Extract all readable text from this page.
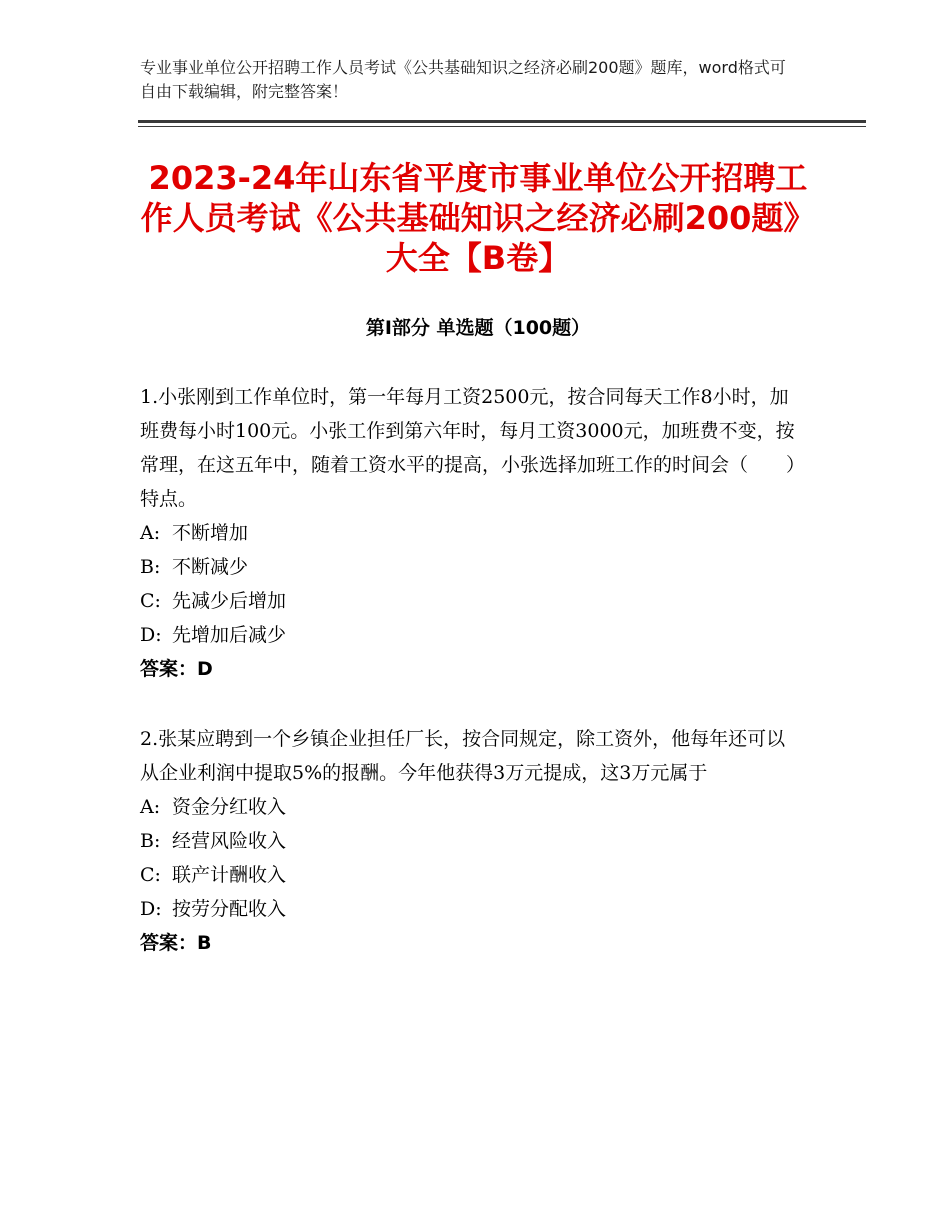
专业事业单位公开招聘工作人员考试《公共基础知识之经济必刷200题》题库，word格式可自由下载编辑，附完整答案！
2023-24年山东省平度市事业单位公开招聘工作人员考试《公共基础知识之经济必刷200题》大全【B卷】
第Ⅰ部分 单选题（100题）

1.小张刚到工作单位时，第一年每月工资2500元，按合同每天工作8小时，加班费每小时100元。小张工作到第六年时，每月工资3000元，加班费不变，按常理，在这五年中，随着工资水平的提高，小张选择加班工作的时间会（　　）特点。

A: 不断增加

B: 不断减少

C: 先减少后增加

D: 先增加后减少

答案：D

2.张某应聘到一个乡镇企业担任厂长，按合同规定，除工资外，他每年还可以从企业利润中提取5%的报酬。今年他获得3万元提成，这3万元属于

A: 资金分红收入

B: 经营风险收入

C: 联产计酬收入

D: 按劳分配收入

答案：B
